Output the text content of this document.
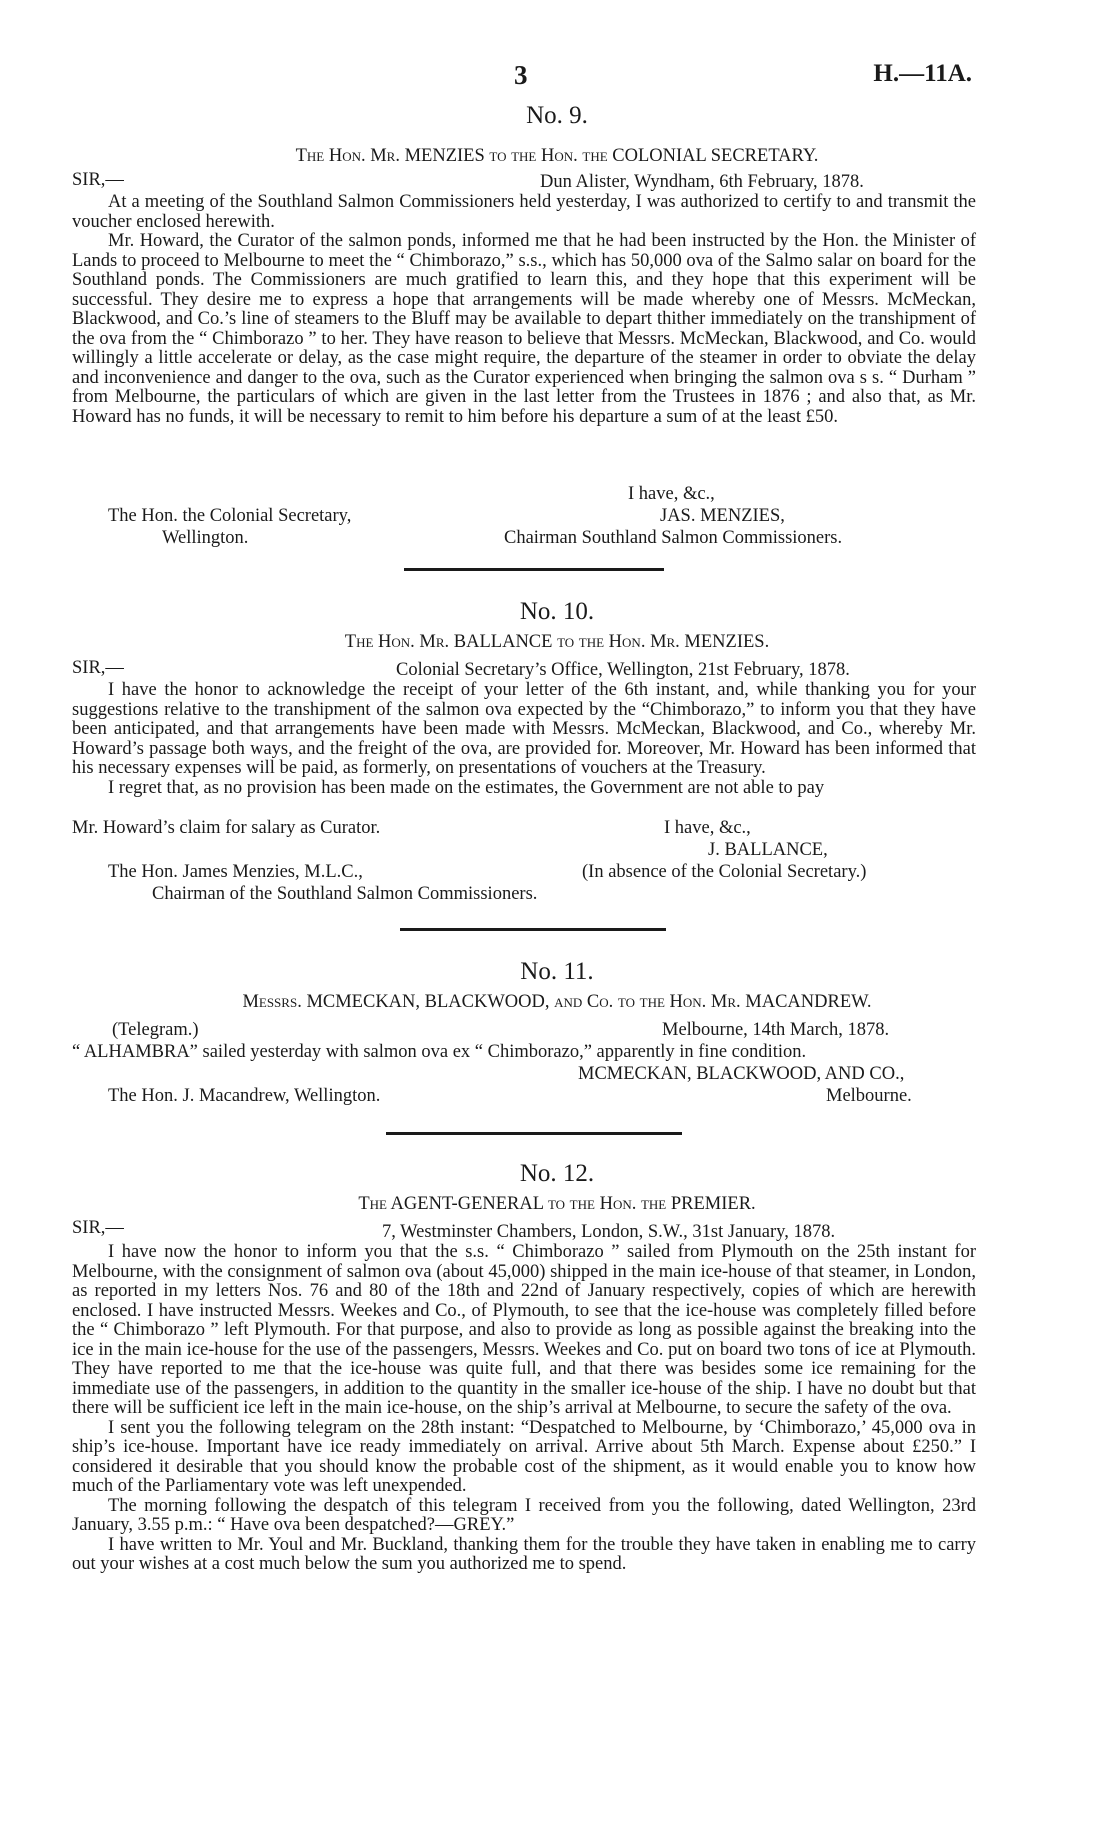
3	H.—11A.
No. 9.
The Hon. Mr. MENZIES to the Hon. the COLONIAL SECRETARY.
SIR,—	Dun Alister, Wyndham, 6th February, 1878.

At a meeting of the Southland Salmon Commissioners held yesterday, I was authorized to certify to and transmit the voucher enclosed herewith.

Mr. Howard, the Curator of the salmon ponds, informed me that he had been instructed by the Hon. the Minister of Lands to proceed to Melbourne to meet the “ Chimborazo,” s.s., which has 50,000 ova of the Salmo salar on board for the Southland ponds. The Commissioners are much gratified to learn this, and they hope that this experiment will be successful. They desire me to express a hope that arrangements will be made whereby one of Messrs. McMeckan, Blackwood, and Co.’s line of steamers to the Bluff may be available to depart thither immediately on the transhipment of the ova from the “ Chimborazo ” to her. They have reason to believe that Messrs. McMeckan, Blackwood, and Co. would willingly a little accelerate or delay, as the case might require, the departure of the steamer in order to obviate the delay and inconvenience and danger to the ova, such as the Curator experienced when bringing the salmon ova s s. “ Durham ” from Melbourne, the particulars of which are given in the last letter from the Trustees in 1876 ; and also that, as Mr. Howard has no funds, it will be necessary to remit to him before his departure a sum of at the least £50.

I have, &c.,
The Hon. the Colonial Secretary,	JAS. MENZIES,
Wellington.	Chairman Southland Salmon Commissioners.
No. 10.
The Hon. Mr. BALLANCE to the Hon. Mr. MENZIES.
SIR,—	Colonial Secretary’s Office, Wellington, 21st February, 1878.

I have the honor to acknowledge the receipt of your letter of the 6th instant, and, while thanking you for your suggestions relative to the transhipment of the salmon ova expected by the “Chimborazo,” to inform you that they have been anticipated, and that arrangements have been made with Messrs. McMeckan, Blackwood, and Co., whereby Mr. Howard’s passage both ways, and the freight of the ova, are provided for. Moreover, Mr. Howard has been informed that his necessary expenses will be paid, as formerly, on presentations of vouchers at the Treasury.

I regret that, as no provision has been made on the estimates, the Government are not able to pay

Mr. Howard’s claim for salary as Curator.	I have, &c.,
J. BALLANCE,
The Hon. James Menzies, M.L.C.,	(In absence of the Colonial Secretary.)
Chairman of the Southland Salmon Commissioners.
No. 11.
Messrs. MCMECKAN, BLACKWOOD, and Co. to the Hon. Mr. MACANDREW.
(Telegram.)	Melbourne, 14th March, 1878.
“ ALHAMBRA” sailed yesterday with salmon ova ex “ Chimborazo,” apparently in fine condition.
MCMECKAN, BLACKWOOD, AND CO.,
The Hon. J. Macandrew, Wellington.	Melbourne.
No. 12.
The AGENT-GENERAL to the Hon. the PREMIER.
SIR,—	7, Westminster Chambers, London, S.W., 31st January, 1878.

I have now the honor to inform you that the s.s. “ Chimborazo ” sailed from Plymouth on the 25th instant for Melbourne, with the consignment of salmon ova (about 45,000) shipped in the main ice-house of that steamer, in London, as reported in my letters Nos. 76 and 80 of the 18th and 22nd of January respectively, copies of which are herewith enclosed. I have instructed Messrs. Weekes and Co., of Plymouth, to see that the ice-house was completely filled before the “ Chimborazo ” left Plymouth. For that purpose, and also to provide as long as possible against the breaking into the ice in the main ice-house for the use of the passengers, Messrs. Weekes and Co. put on board two tons of ice at Plymouth. They have reported to me that the ice-house was quite full, and that there was besides some ice remaining for the immediate use of the passengers, in addition to the quantity in the smaller ice-house of the ship. I have no doubt but that there will be sufficient ice left in the main ice-house, on the ship’s arrival at Melbourne, to secure the safety of the ova.

I sent you the following telegram on the 28th instant: “Despatched to Melbourne, by ‘Chimborazo,’ 45,000 ova in ship’s ice-house. Important have ice ready immediately on arrival. Arrive about 5th March. Expense about £250.” I considered it desirable that you should know the probable cost of the shipment, as it would enable you to know how much of the Parliamentary vote was left unexpended.

The morning following the despatch of this telegram I received from you the following, dated Wellington, 23rd January, 3.55 p.m.: “ Have ova been despatched?—GREY.”

I have written to Mr. Youl and Mr. Buckland, thanking them for the trouble they have taken in enabling me to carry out your wishes at a cost much below the sum you authorized me to spend.
